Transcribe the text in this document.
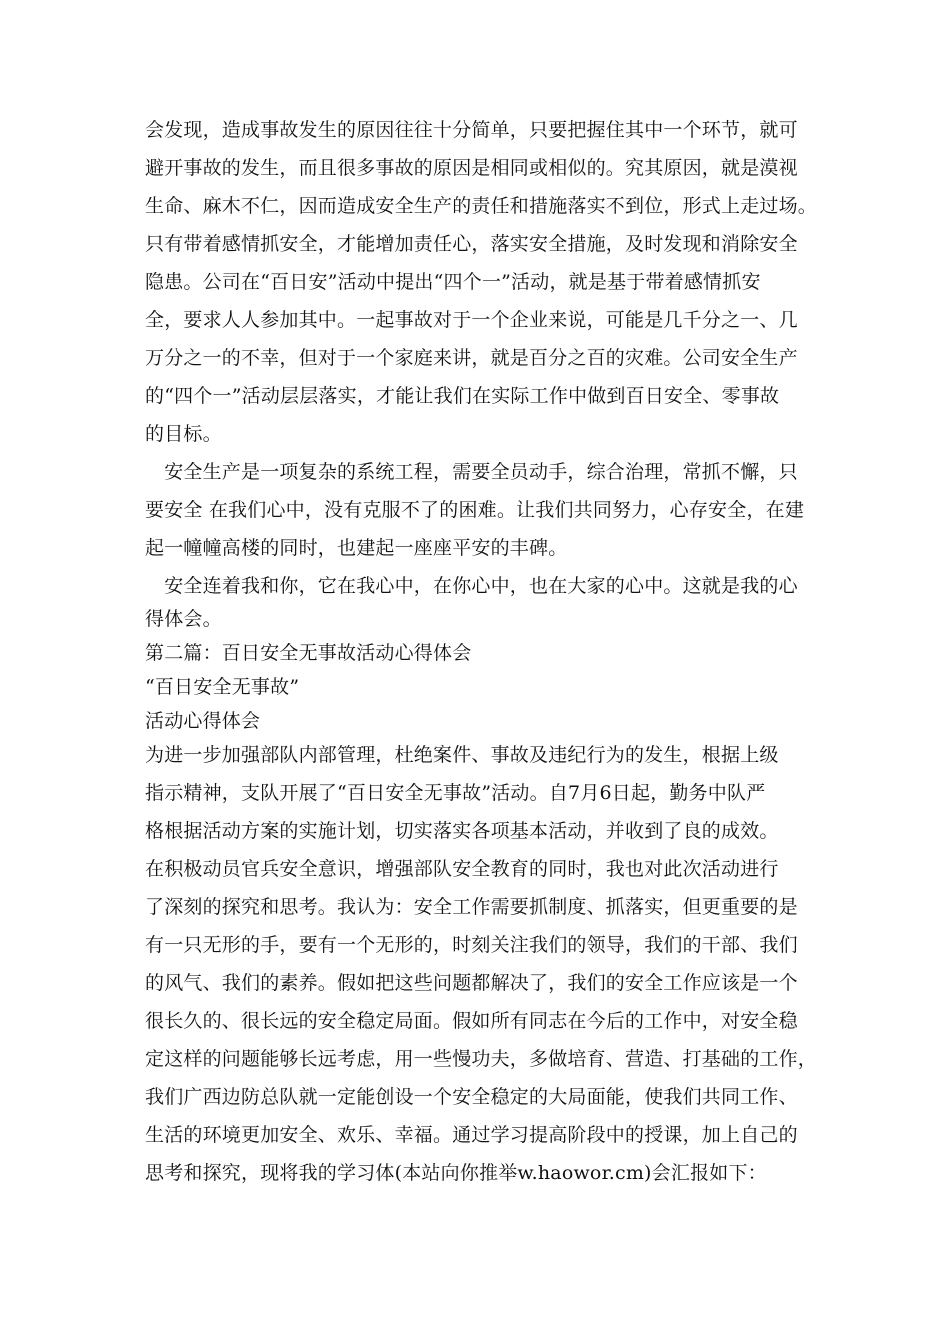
会发现，造成事故发生的原因往往十分简单，只要把握住其中一个环节，就可
避开事故的发生，而且很多事故的原因是相同或相似的。究其原因，就是漠视
生命、麻木不仁，因而造成安全生产的责任和措施落实不到位，形式上走过场。
只有带着感情抓安全，才能增加责任心，落实安全措施，及时发现和消除安全
隐患。公司在“百日安”活动中提出“四个一”活动，就是基于带着感情抓安
全，要求人人参加其中。一起事故对于一个企业来说，可能是几千分之一、几
万分之一的不幸，但对于一个家庭来讲，就是百分之百的灾难。公司安全生产
的“四个一”活动层层落实，才能让我们在实际工作中做到百日安全、零事故
的目标。
　安全生产是一项复杂的系统工程，需要全员动手，综合治理，常抓不懈，只
要安全 在我们心中，没有克服不了的困难。让我们共同努力，心存安全，在建
起一幢幢高楼的同时，也建起一座座平安的丰碑。
　安全连着我和你，它在我心中，在你心中，也在大家的心中。这就是我的心
得体会。
第二篇：百日安全无事故活动心得体会
“百日安全无事故”
活动心得体会
为进一步加强部队内部管理，杜绝案件、事故及违纪行为的发生，根据上级
指示精神，支队开展了“百日安全无事故”活动。自7月6日起，勤务中队严
格根据活动方案的实施计划，切实落实各项基本活动，并收到了良的成效。
在积极动员官兵安全意识，增强部队安全教育的同时，我也对此次活动进行
了深刻的探究和思考。我认为：安全工作需要抓制度、抓落实，但更重要的是
有一只无形的手，要有一个无形的，时刻关注我们的领导，我们的干部、我们
的风气、我们的素养。假如把这些问题都解决了，我们的安全工作应该是一个
很长久的、很长远的安全稳定局面。假如所有同志在今后的工作中，对安全稳
定这样的问题能够长远考虑，用一些慢功夫，多做培育、营造、打基础的工作，
我们广西边防总队就一定能创设一个安全稳定的大局面能，使我们共同工作、
生活的环境更加安全、欢乐、幸福。通过学习提高阶段中的授课，加上自己的
思考和探究，现将我的学习体(本站向你推举w.haowor.cm)会汇报如下：
